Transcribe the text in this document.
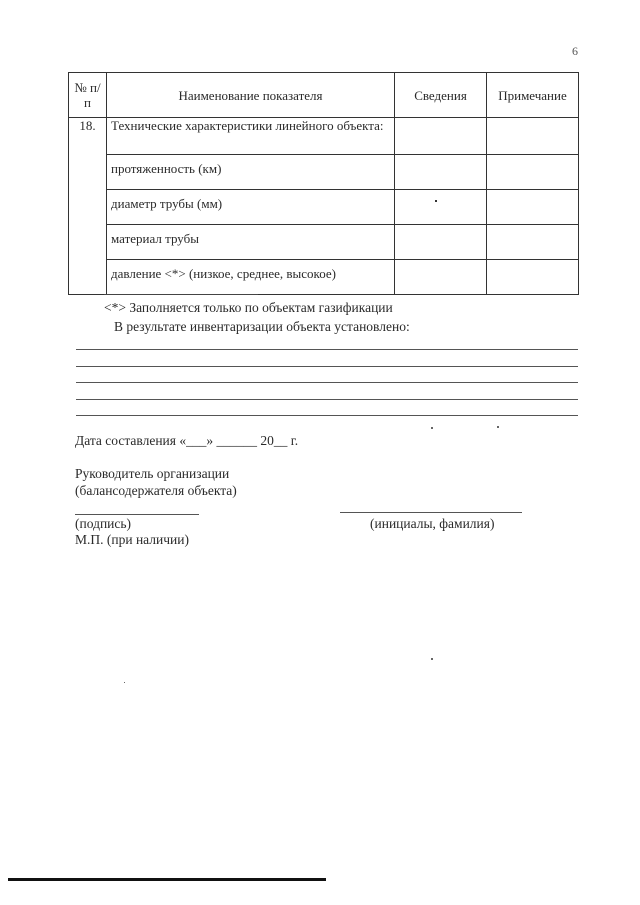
6
№ п/п	Наименование показателя	Сведения	Примечание
18.	Технические характеристики линейного объекта:		
	протяженность (км)		
	диаметр трубы (мм)		
	материал трубы		
	давление <*> (низкое, среднее, высокое)		
<*> Заполняется только по объектам газификации
В результате инвентаризации объекта установлено:
Дата составления «___» ______ 20__ г.
Руководитель организации
(балансодержателя объекта)
(подпись)	(инициалы, фамилия)
М.П. (при наличии)
